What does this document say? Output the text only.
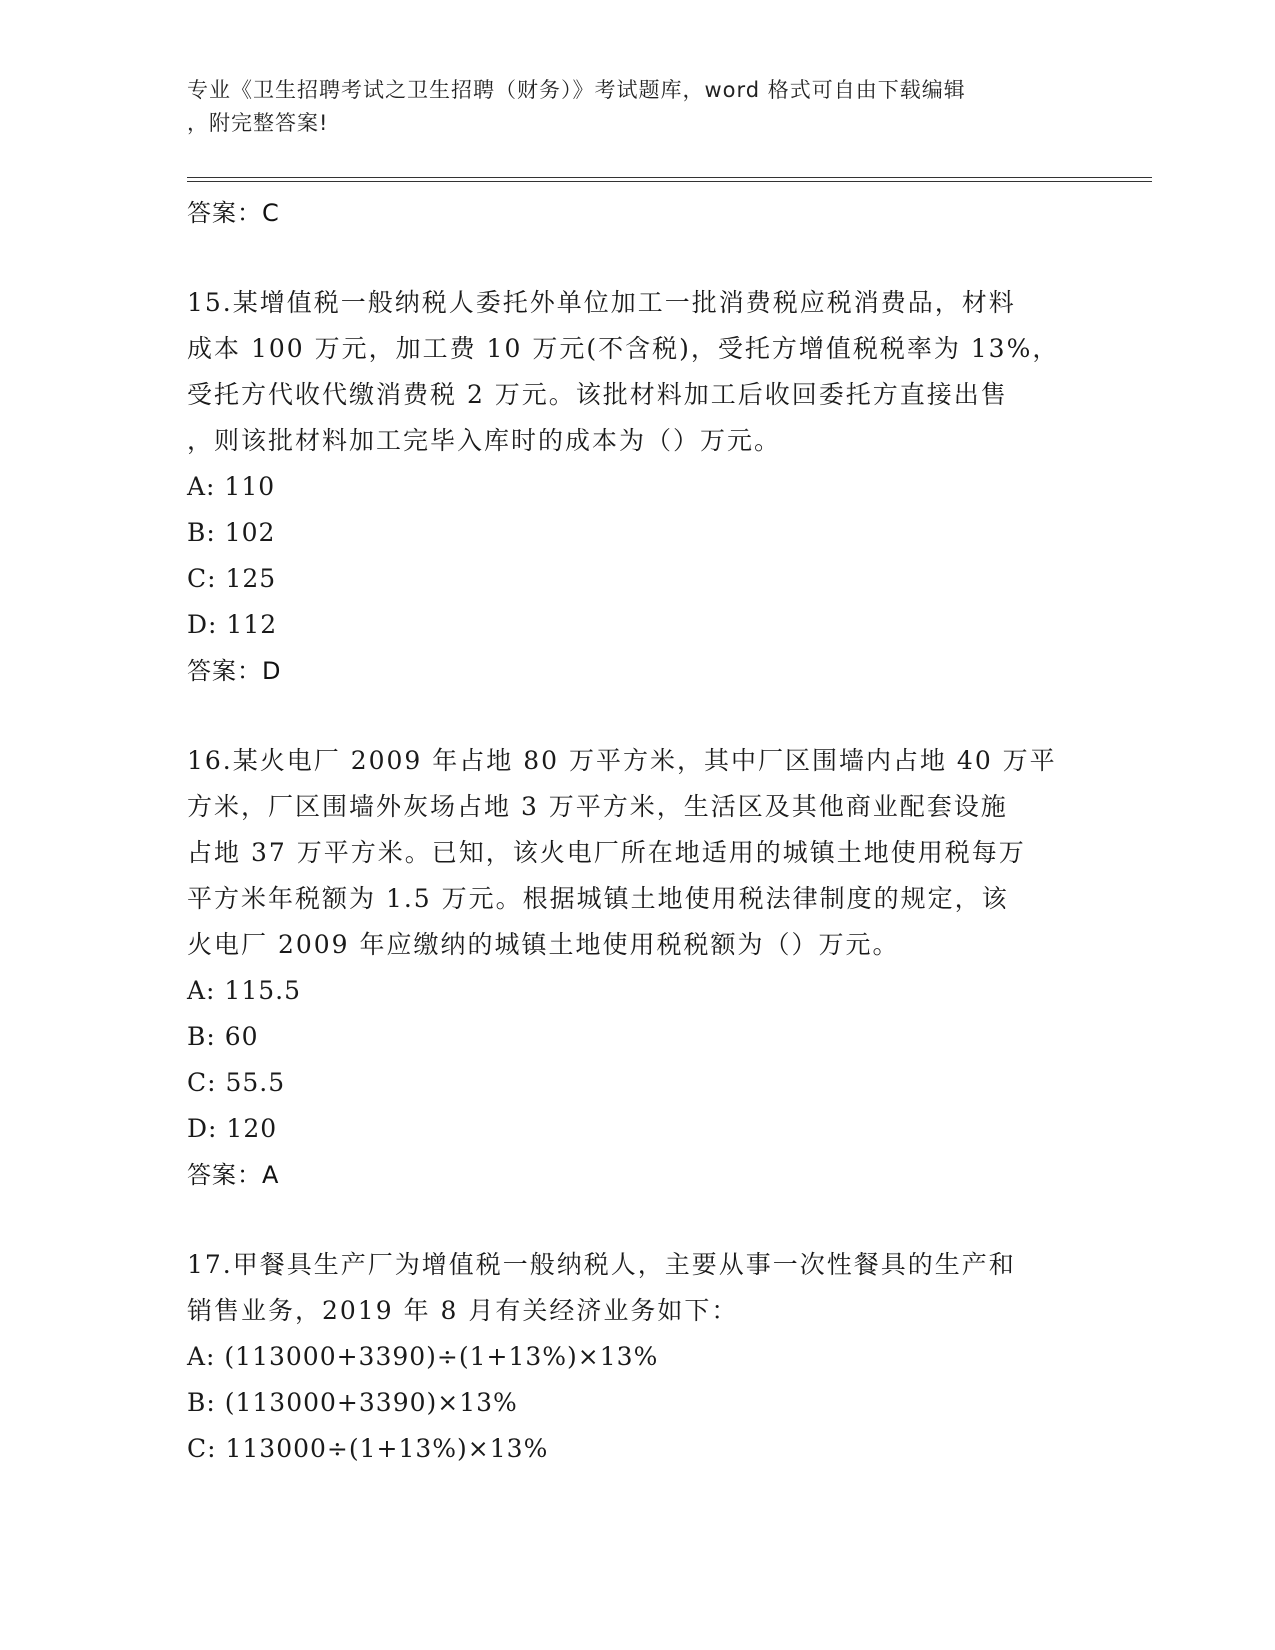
专业《卫生招聘考试之卫生招聘（财务）》考试题库，word 格式可自由下载编辑
，附完整答案!

答案：C

15.某增值税一般纳税人委托外单位加工一批消费税应税消费品，材料
成本 100 万元，加工费 10 万元(不含税)，受托方增值税税率为 13%，
受托方代收代缴消费税 2 万元。该批材料加工后收回委托方直接出售
，则该批材料加工完毕入库时的成本为（）万元。

A: 110

B: 102

C: 125

D: 112

答案：D

16.某火电厂 2009 年占地 80 万平方米，其中厂区围墙内占地 40 万平
方米，厂区围墙外灰场占地 3 万平方米，生活区及其他商业配套设施
占地 37 万平方米。已知，该火电厂所在地适用的城镇土地使用税每万
平方米年税额为 1.5 万元。根据城镇土地使用税法律制度的规定，该
火电厂 2009 年应缴纳的城镇土地使用税税额为（）万元。

A: 115.5

B: 60

C: 55.5

D: 120

答案：A

17.甲餐具生产厂为增值税一般纳税人，主要从事一次性餐具的生产和
销售业务，2019 年 8 月有关经济业务如下：

A: (113000+3390)÷(1+13%)×13%

B: (113000+3390)×13%

C: 113000÷(1+13%)×13%
